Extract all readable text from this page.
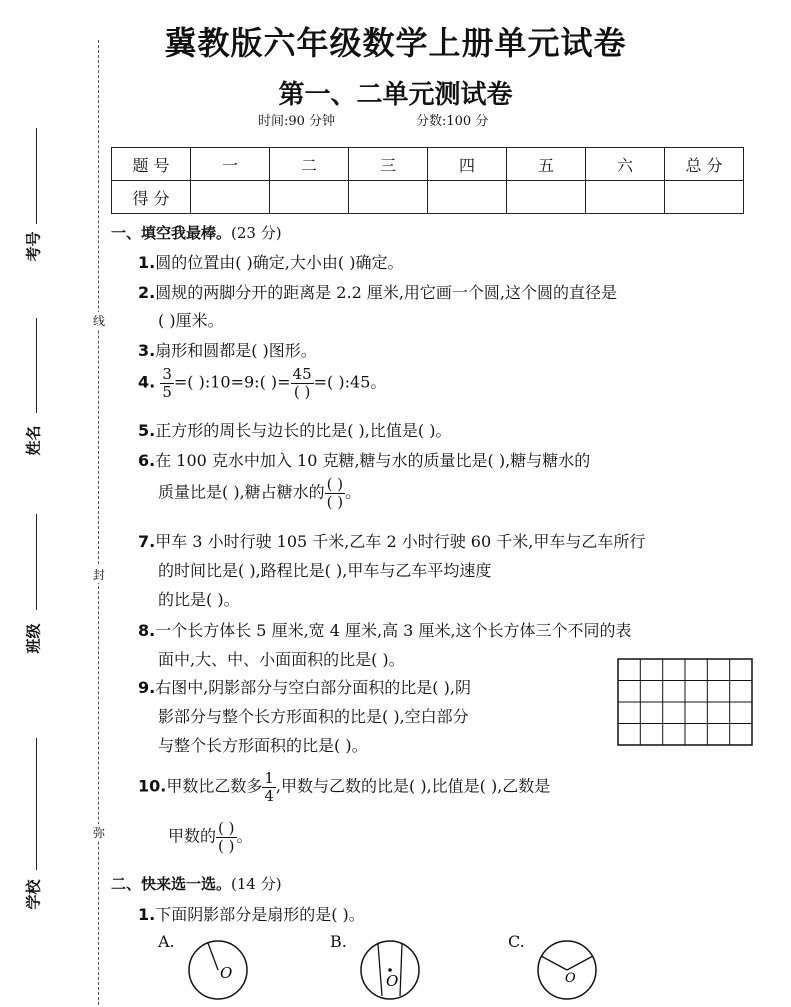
冀教版六年级数学上册单元试卷
第一、二单元测试卷
时间:90 分钟	分数:100 分
线
封
弥
考号
姓名
班级
学校
题 号	一	二	三	四	五	六	总 分
得 分							
一、填空我最棒。(23 分)
1.圆的位置由( )确定,大小由( )确定。
2.圆规的两脚分开的距离是 2.2 厘米,用它画一个圆,这个圆的直径是
( )厘米。
3.扇形和圆都是( )图形。
4. $\frac{3}{5}$ =( ):10=9:( )= $\frac{45}{( )}$ =( ):45。
5.正方形的周长与边长的比是( ),比值是( )。
6.在 100 克水中加入 10 克糖,糖与水的质量比是( ),糖与糖水的
质量比是( ),糖占糖水的 $\frac{( )}{( )}$ 。
7.甲车 3 小时行驶 105 千米,乙车 2 小时行驶 60 千米,甲车与乙车所行
的时间比是( ),路程比是( ),甲车与乙车平均速度
的比是( )。
8.一个长方体长 5 厘米,宽 4 厘米,高 3 厘米,这个长方体三个不同的表
面中,大、中、小面面积的比是( )。
9.右图中,阴影部分与空白部分面积的比是( ),阴
影部分与整个长方形面积的比是( ),空白部分
与整个长方形面积的比是( )。
10.甲数比乙数多 $\frac{1}{4}$ ,甲数与乙数的比是( ),比值是( ),乙数是
甲数的 $\frac{( )}{( )}$ 。
二、快来选一选。(14 分)
1.下面阴影部分是扇形的是( )。
A.
O
B.
O
C.
O
